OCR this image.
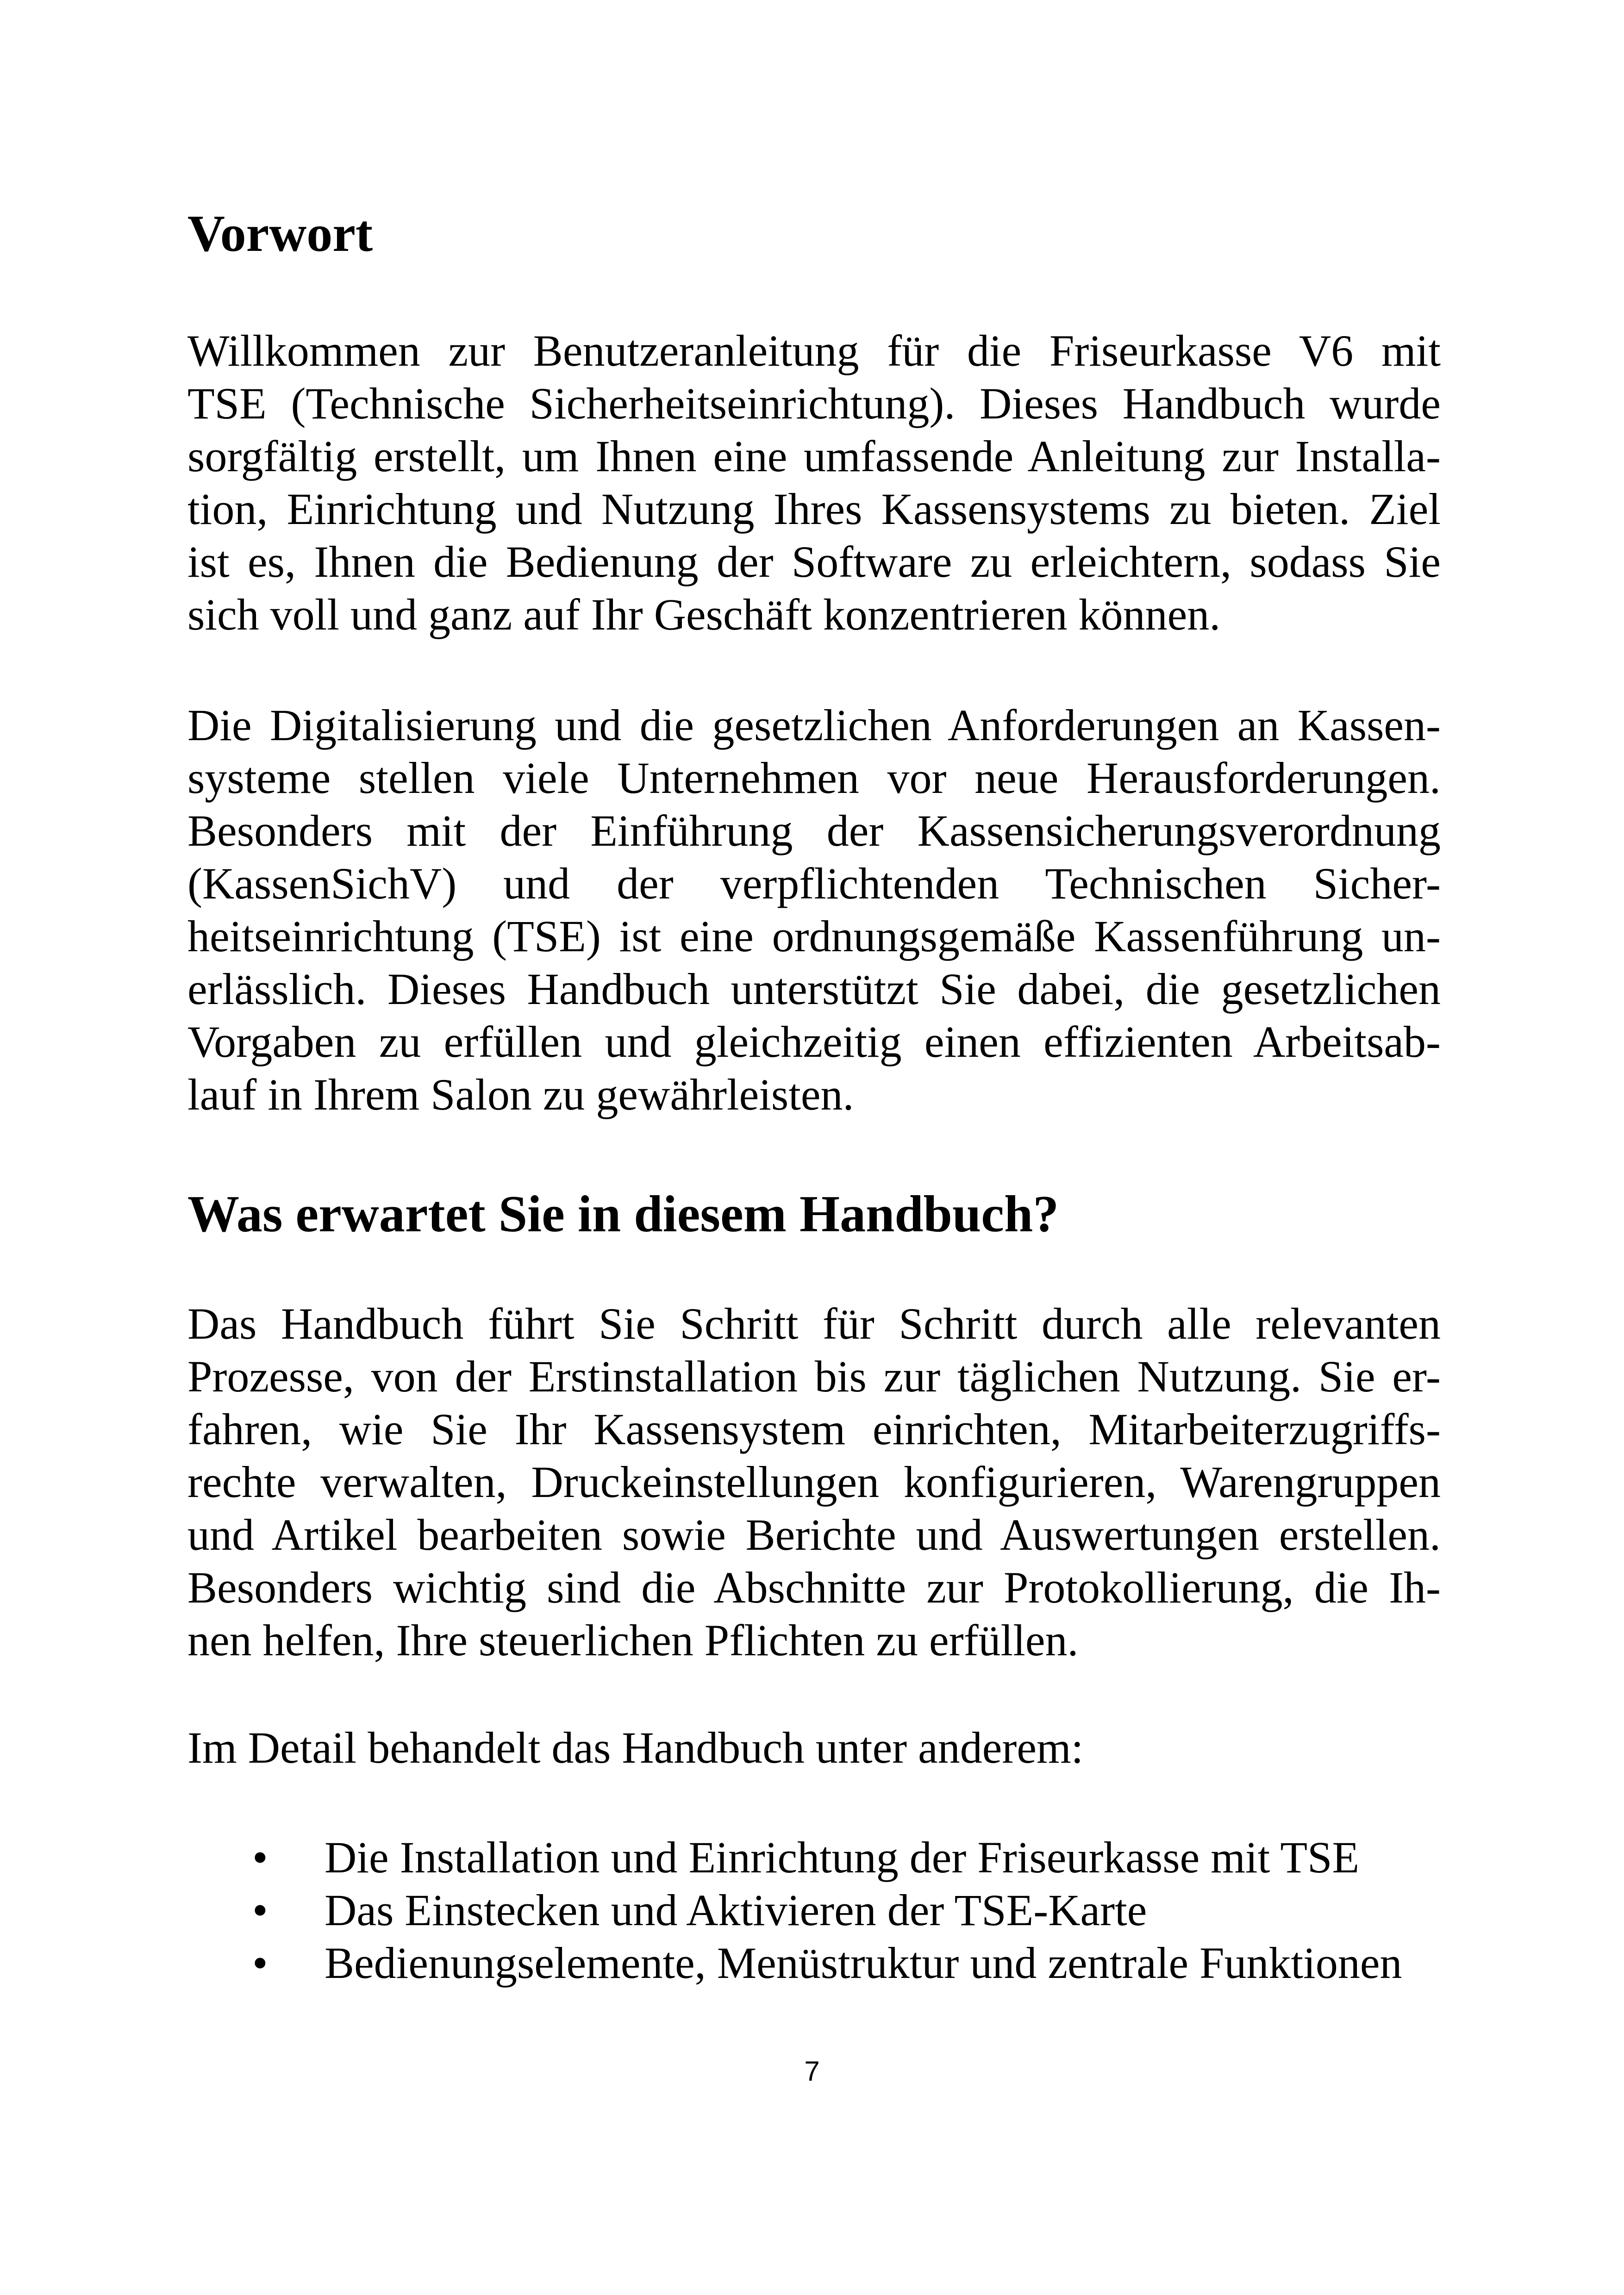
Vorwort
Willkommen zur Benutzeranleitung für die Friseurkasse V6 mit
TSE (Technische Sicherheitseinrichtung). Dieses Handbuch wurde
sorgfältig erstellt, um Ihnen eine umfassende Anleitung zur Installa-
tion, Einrichtung und Nutzung Ihres Kassensystems zu bieten. Ziel
ist es, Ihnen die Bedienung der Software zu erleichtern, sodass Sie
sich voll und ganz auf Ihr Geschäft konzentrieren können.
Die Digitalisierung und die gesetzlichen Anforderungen an Kassen-
systeme stellen viele Unternehmen vor neue Herausforderungen.
Besonders mit der Einführung der Kassensicherungsverordnung
(KassenSichV) und der verpflichtenden Technischen Sicher-
heitseinrichtung (TSE) ist eine ordnungsgemäße Kassenführung un-
erlässlich. Dieses Handbuch unterstützt Sie dabei, die gesetzlichen
Vorgaben zu erfüllen und gleichzeitig einen effizienten Arbeitsab-
lauf in Ihrem Salon zu gewährleisten.
Was erwartet Sie in diesem Handbuch?
Das Handbuch führt Sie Schritt für Schritt durch alle relevanten
Prozesse, von der Erstinstallation bis zur täglichen Nutzung. Sie er-
fahren, wie Sie Ihr Kassensystem einrichten, Mitarbeiterzugriffs-
rechte verwalten, Druckeinstellungen konfigurieren, Warengruppen
und Artikel bearbeiten sowie Berichte und Auswertungen erstellen.
Besonders wichtig sind die Abschnitte zur Protokollierung, die Ih-
nen helfen, Ihre steuerlichen Pflichten zu erfüllen.
Im Detail behandelt das Handbuch unter anderem:
• Die Installation und Einrichtung der Friseurkasse mit TSE
• Das Einstecken und Aktivieren der TSE-Karte
• Bedienungselemente, Menüstruktur und zentrale Funktionen
7
